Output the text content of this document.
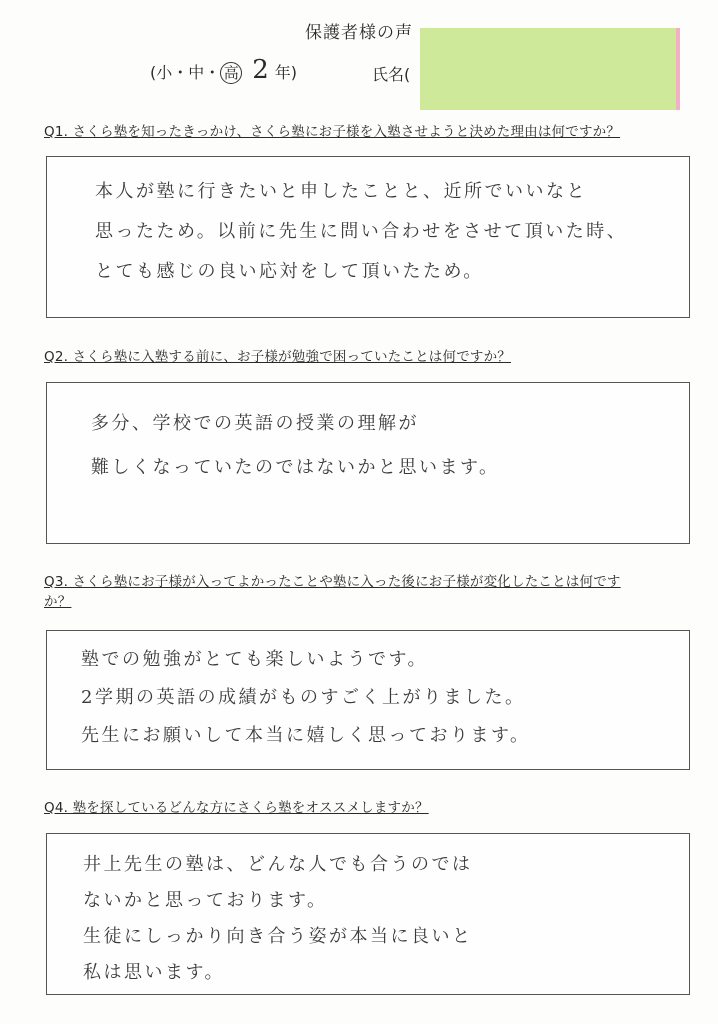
保護者様の声
(小・中・ 高 2 年)	氏名(
Q1. さくら塾を知ったきっかけ、さくら塾にお子様を入塾させようと決めた理由は何ですか？
本人が塾に行きたいと申したことと、近所でいいなと
思ったため。以前に先生に問い合わせをさせて頂いた時、
とても感じの良い応対をして頂いたため。
Q2. さくら塾に入塾する前に、お子様が勉強で困っていたことは何ですか？
多分、学校での英語の授業の理解が
難しくなっていたのではないかと思います。
Q3. さくら塾にお子様が入ってよかったことや塾に入った後にお子様が変化したことは何です
か？
塾での勉強がとても楽しいようです。
2学期の英語の成績がものすごく上がりました。
先生にお願いして本当に嬉しく思っております。
Q4. 塾を探しているどんな方にさくら塾をオススメしますか？
井上先生の塾は、どんな人でも合うのでは
ないかと思っております。
生徒にしっかり向き合う姿が本当に良いと
私は思います。
